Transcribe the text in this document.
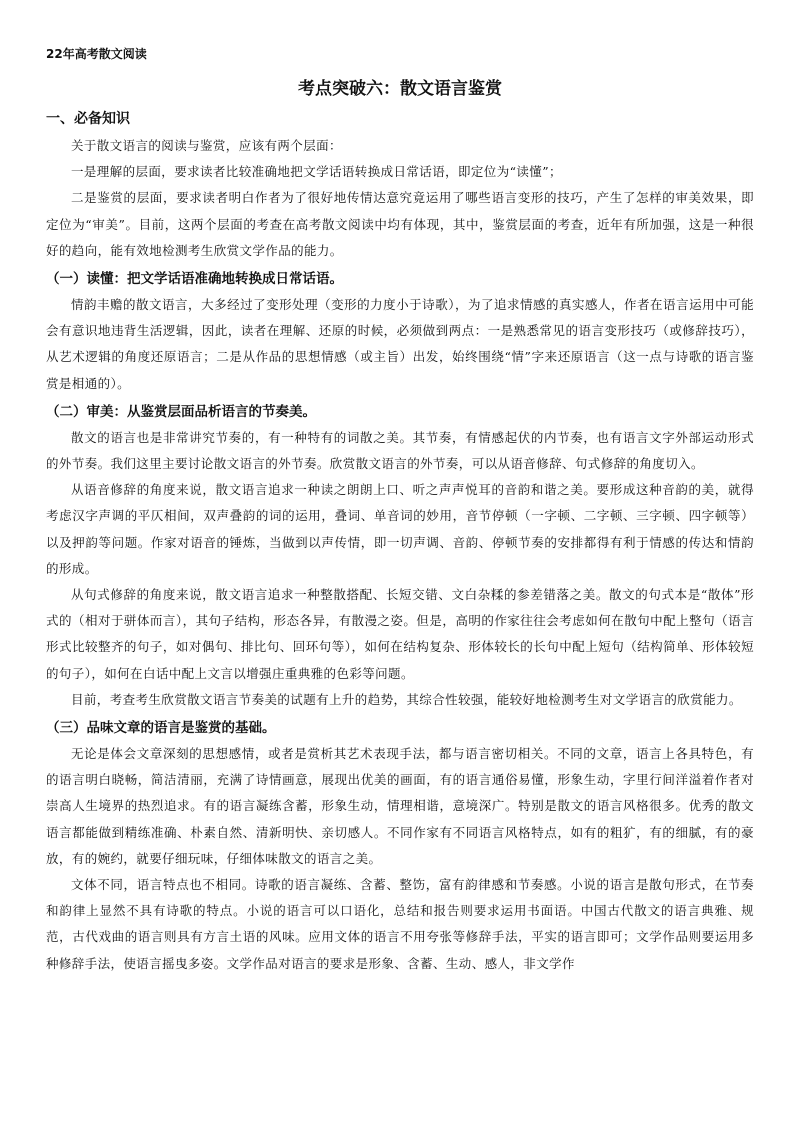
22年高考散文阅读
考点突破六：散文语言鉴赏
一、必备知识

关于散文语言的阅读与鉴赏，应该有两个层面：

一是理解的层面，要求读者比较准确地把文学话语转换成日常话语，即定位为“读懂”；

二是鉴赏的层面，要求读者明白作者为了很好地传情达意究竟运用了哪些语言变形的技巧，产生了怎样的审美效果，即定位为“审美”。目前，这两个层面的考查在高考散文阅读中均有体现，其中，鉴赏层面的考查，近年有所加强，这是一种很好的趋向，能有效地检测考生欣赏文学作品的能力。

（一）读懂：把文学话语准确地转换成日常话语。

情韵丰赡的散文语言，大多经过了变形处理（变形的力度小于诗歌），为了追求情感的真实感人，作者在语言运用中可能会有意识地违背生活逻辑，因此，读者在理解、还原的时候，必须做到两点：一是熟悉常见的语言变形技巧（或修辞技巧），从艺术逻辑的角度还原语言；二是从作品的思想情感（或主旨）出发，始终围绕“情”字来还原语言（这一点与诗歌的语言鉴赏是相通的）。

（二）审美：从鉴赏层面品析语言的节奏美。

散文的语言也是非常讲究节奏的，有一种特有的词散之美。其节奏，有情感起伏的内节奏，也有语言文字外部运动形式的外节奏。我们这里主要讨论散文语言的外节奏。欣赏散文语言的外节奏，可以从语音修辞、句式修辞的角度切入。

从语音修辞的角度来说，散文语言追求一种读之朗朗上口、听之声声悦耳的音韵和谐之美。要形成这种音韵的美，就得考虑汉字声调的平仄相间，双声叠韵的词的运用，叠词、单音词的妙用，音节停顿（一字顿、二字顿、三字顿、四字顿等）以及押韵等问题。作家对语音的锤炼，当做到以声传情，即一切声调、音韵、停顿节奏的安排都得有利于情感的传达和情韵的形成。

从句式修辞的角度来说，散文语言追求一种整散搭配、长短交错、文白杂糅的参差错落之美。散文的句式本是“散体”形式的（相对于骈体而言），其句子结构，形态各异，有散漫之姿。但是，高明的作家往往会考虑如何在散句中配上整句（语言形式比较整齐的句子，如对偶句、排比句、回环句等），如何在结构复杂、形体较长的长句中配上短句（结构简单、形体较短的句子），如何在白话中配上文言以增强庄重典雅的色彩等问题。

目前，考查考生欣赏散文语言节奏美的试题有上升的趋势，其综合性较强，能较好地检测考生对文学语言的欣赏能力。

（三）品味文章的语言是鉴赏的基础。

无论是体会文章深刻的思想感情，或者是赏析其艺术表现手法，都与语言密切相关。不同的文章，语言上各具特色，有的语言明白晓畅，简洁清丽，充满了诗情画意，展现出优美的画面，有的语言通俗易懂，形象生动，字里行间洋溢着作者对崇高人生境界的热烈追求。有的语言凝练含蓄，形象生动，情理相谐，意境深广。特别是散文的语言风格很多。优秀的散文语言都能做到精练准确、朴素自然、清新明快、亲切感人。不同作家有不同语言风格特点，如有的粗犷，有的细腻，有的豪放，有的婉约，就要仔细玩味，仔细体味散文的语言之美。

文体不同，语言特点也不相同。诗歌的语言凝练、含蓄、整饬，富有韵律感和节奏感。小说的语言是散句形式，在节奏和韵律上显然不具有诗歌的特点。小说的语言可以口语化，总结和报告则要求运用书面语。中国古代散文的语言典雅、规范，古代戏曲的语言则具有方言土语的风味。应用文体的语言不用夸张等修辞手法，平实的语言即可；文学作品则要运用多种修辞手法，使语言摇曳多姿。文学作品对语言的要求是形象、含蓄、生动、感人，非文学作
